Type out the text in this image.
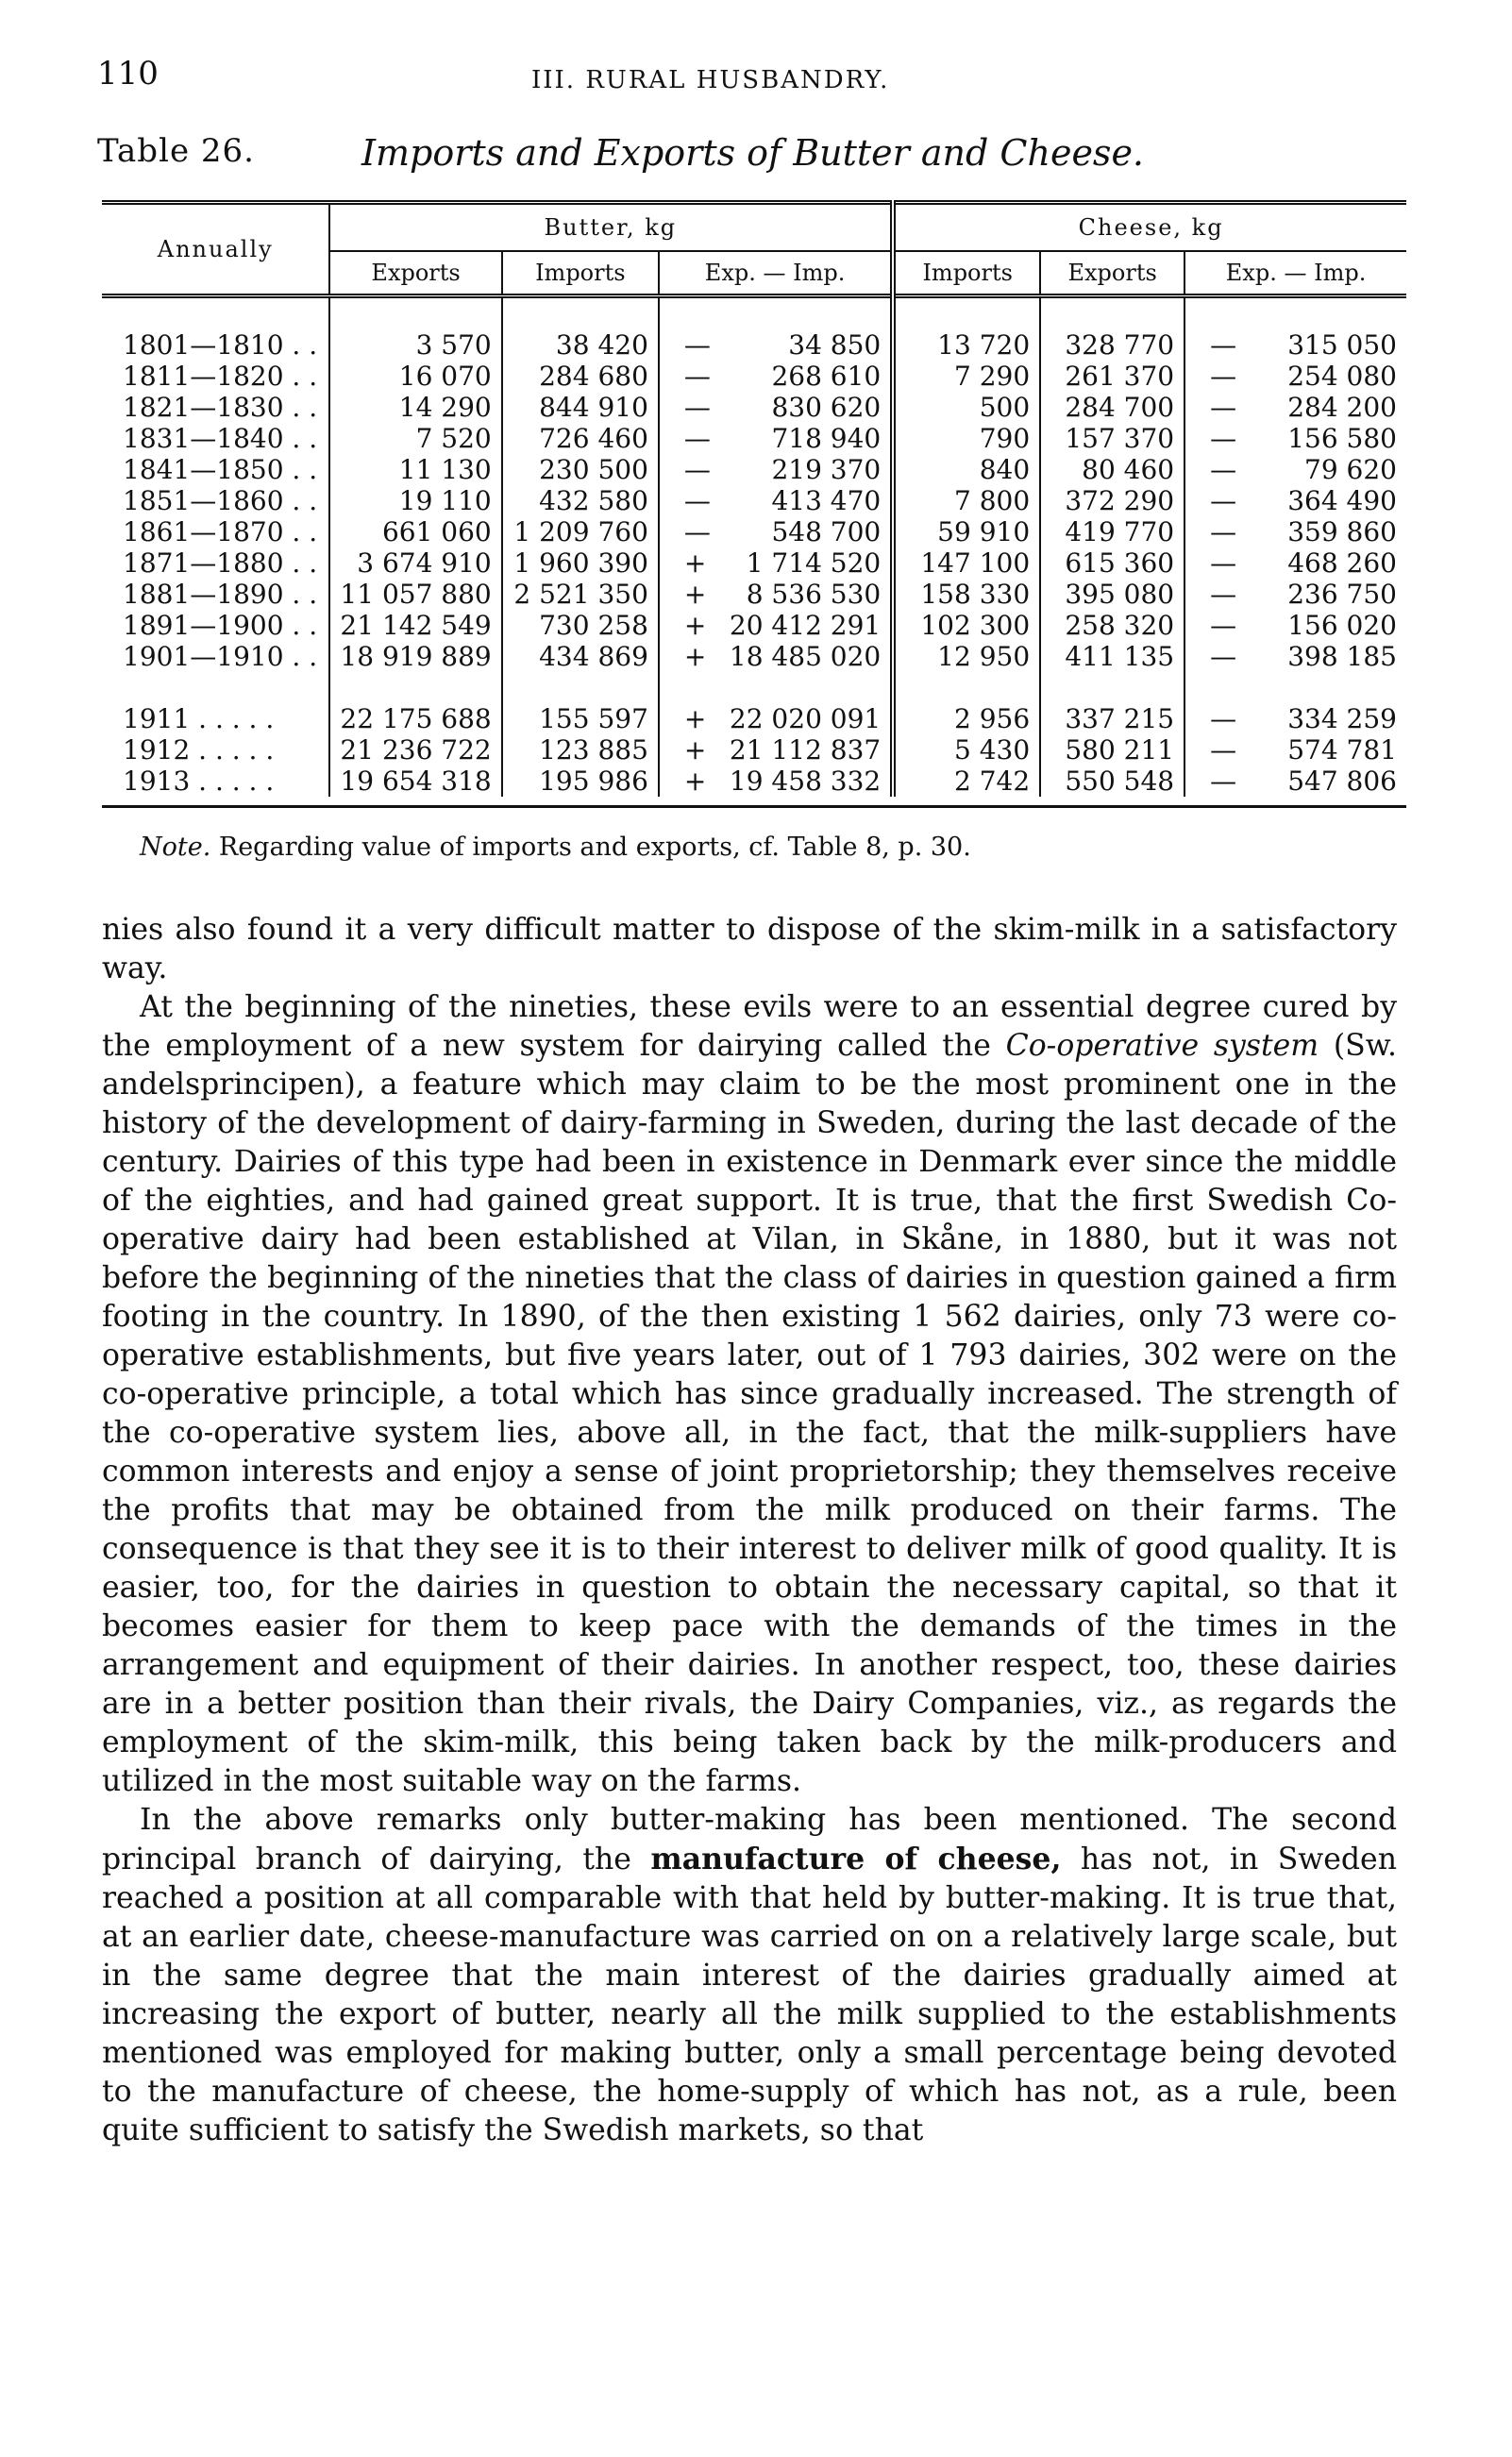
110	III. RURAL HUSBANDRY.
Table 26.	Imports and Exports of Butter and Cheese.
Annually	Butter, kg				Cheese, kg			
	Exports	Imports	Exp. — Imp.		Imports	Exports	Exp. — Imp.	

1801—1810 . .	3 570	38 420	—	34 850	13 720	328 770	—	315 050
1811—1820 . .	16 070	284 680	—	268 610	7 290	261 370	—	254 080
1821—1830 . .	14 290	844 910	—	830 620	500	284 700	—	284 200
1831—1840 . .	7 520	726 460	—	718 940	790	157 370	—	156 580
1841—1850 . .	11 130	230 500	—	219 370	840	80 460	—	79 620
1851—1860 . .	19 110	432 580	—	413 470	7 800	372 290	—	364 490
1861—1870 . .	661 060	1 209 760	—	548 700	59 910	419 770	—	359 860
1871—1880 . .	3 674 910	1 960 390	+	1 714 520	147 100	615 360	—	468 260
1881—1890 . .	11 057 880	2 521 350	+	8 536 530	158 330	395 080	—	236 750
1891—1900 . .	21 142 549	730 258	+	20 412 291	102 300	258 320	—	156 020
1901—1910 . .	18 919 889	434 869	+	18 485 020	12 950	411 135	—	398 185

1911 . . . . .	22 175 688	155 597	+	22 020 091	2 956	337 215	—	334 259
1912 . . . . .	21 236 722	123 885	+	21 112 837	5 430	580 211	—	574 781
1913 . . . . .	19 654 318	195 986	+	19 458 332	2 742	550 548	—	547 806

Note. Regarding value of imports and exports, cf. Table 8, p. 30.

nies also found it a very difficult matter to dispose of the skim-milk in a satisfactory way.

At the beginning of the nineties, these evils were to an essential degree cured by the employment of a new system for dairying called the Co-operative system (Sw. andelsprincipen), a feature which may claim to be the most prominent one in the history of the development of dairy-farming in Sweden, during the last decade of the century. Dairies of this type had been in existence in Denmark ever since the middle of the eighties, and had gained great support. It is true, that the first Swedish Co-operative dairy had been established at Vilan, in Skåne, in 1880, but it was not before the beginning of the nineties that the class of dairies in question gained a firm footing in the country. In 1890, of the then existing 1 562 dairies, only 73 were co-operative establishments, but five years later, out of 1 793 dairies, 302 were on the co-operative principle, a total which has since gradually increased. The strength of the co-operative system lies, above all, in the fact, that the milk-suppliers have common interests and enjoy a sense of joint proprietorship; they themselves receive the profits that may be obtained from the milk produced on their farms. The consequence is that they see it is to their interest to deliver milk of good quality. It is easier, too, for the dairies in question to obtain the necessary capital, so that it becomes easier for them to keep pace with the demands of the times in the arrangement and equipment of their dairies. In another respect, too, these dairies are in a better position than their rivals, the Dairy Companies, viz., as regards the employment of the skim-milk, this being taken back by the milk-producers and utilized in the most suitable way on the farms.

In the above remarks only butter-making has been mentioned. The second principal branch of dairying, the manufacture of cheese, has not, in Sweden reached a position at all comparable with that held by butter-making. It is true that, at an earlier date, cheese-manufacture was carried on on a relatively large scale, but in the same degree that the main interest of the dairies gradually aimed at increasing the export of butter, nearly all the milk supplied to the establishments mentioned was employed for making butter, only a small percentage being devoted to the manufacture of cheese, the home-supply of which has not, as a rule, been quite sufficient to satisfy the Swedish markets, so that
